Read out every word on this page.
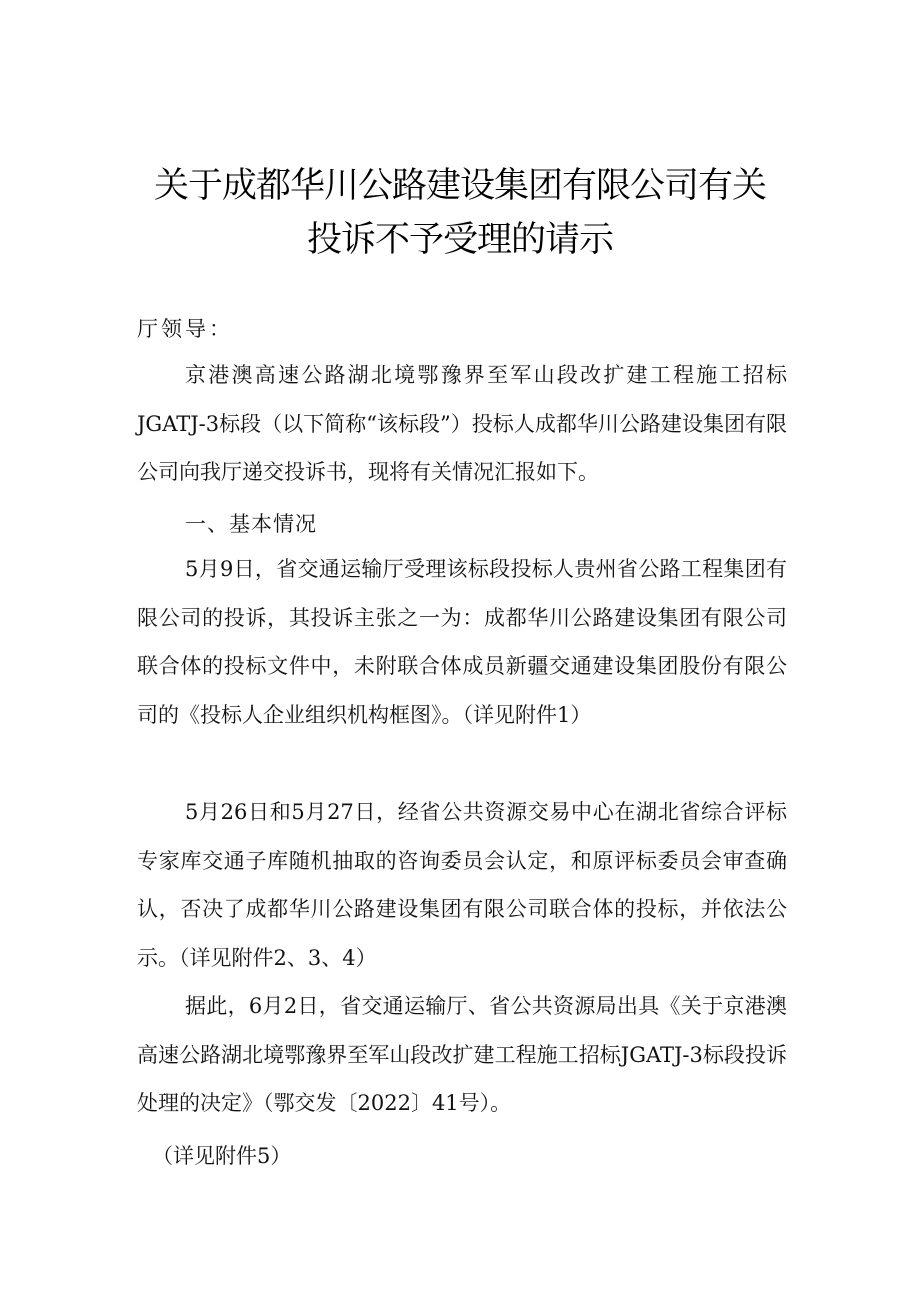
关于成都华川公路建设集团有限公司有关
投诉不予受理的请示
厅领导：

京港澳高速公路湖北境鄂豫界至军山段改扩建工程施工招标JGATJ-3标段（以下简称“该标段”）投标人成都华川公路建设集团有限公司向我厅递交投诉书，现将有关情况汇报如下。

一、基本情况

5月9日，省交通运输厅受理该标段投标人贵州省公路工程集团有限公司的投诉，其投诉主张之一为：成都华川公路建设集团有限公司联合体的投标文件中，未附联合体成员新疆交通建设集团股份有限公司的《投标人企业组织机构框图》。（详见附件1）

5月26日和5月27日，经省公共资源交易中心在湖北省综合评标专家库交通子库随机抽取的咨询委员会认定，和原评标委员会审查确认，否决了成都华川公路建设集团有限公司联合体的投标，并依法公示。（详见附件2、3、4）

据此，6月2日，省交通运输厅、省公共资源局出具《关于京港澳高速公路湖北境鄂豫界至军山段改扩建工程施工招标JGATJ-3标段投诉处理的决定》（鄂交发〔2022〕41号）。

（详见附件5）
